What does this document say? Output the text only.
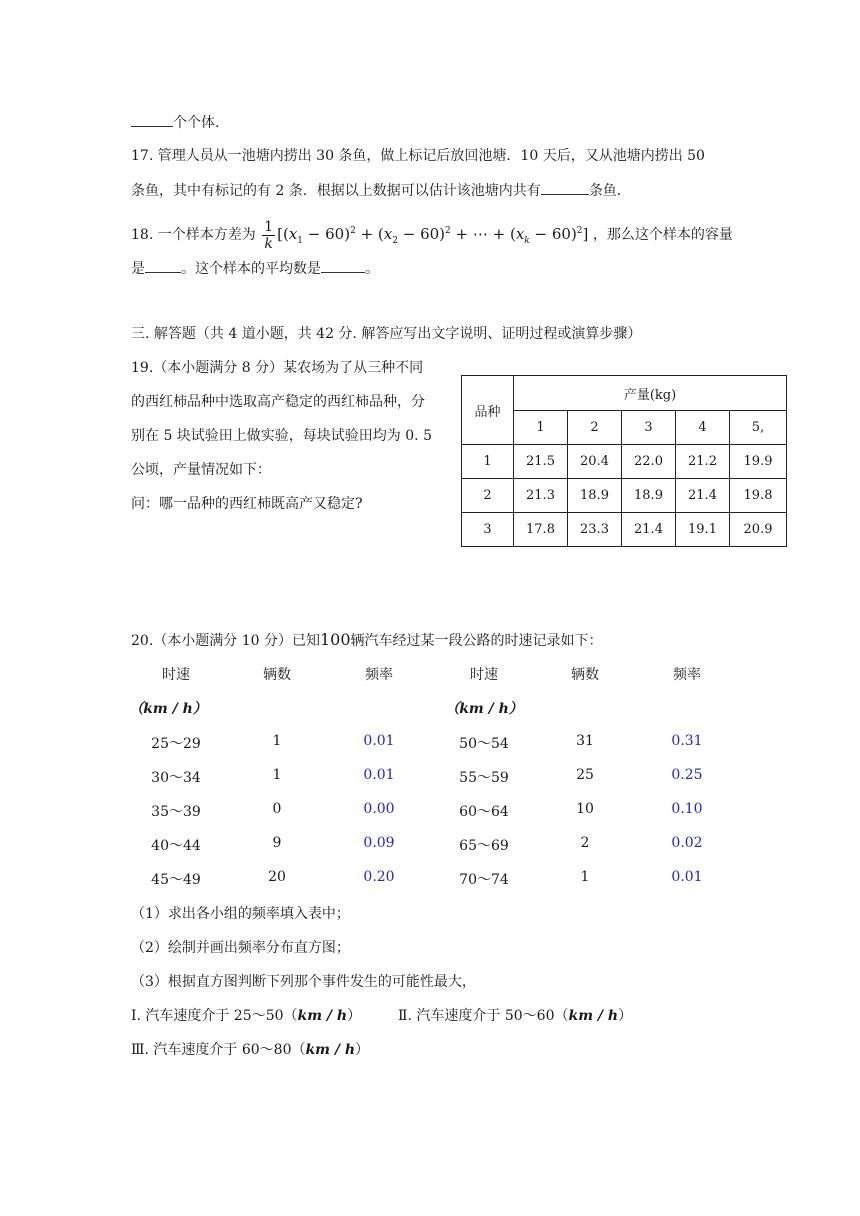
个个体.
17. 管理人员从一池塘内捞出 30 条鱼，做上标记后放回池塘．10 天后，又从池塘内捞出 50
条鱼，其中有标记的有 2 条．根据以上数据可以估计该池塘内共有	条鱼．
18. 一个样本方差为 $\frac{1}{k} [(x_1 - 60)^2 + (x_2 - 60)^2$ + ⋯ + $(x_k - 60)^2$] ，那么这个样本的容量
是	。这个样本的平均数是	。
三. 解答题（共 4 道小题，共 42 分. 解答应写出文字说明、证明过程或演算步骤）
19.（本小题满分 8 分）某农场为了从三种不同
的西红柿品种中选取高产稳定的西红柿品种，分
别在 5 块试验田上做实验，每块试验田均为 0. 5
公顷，产量情况如下：
问：哪一品种的西红柿既高产又稳定?
品种	产量(kg)				
	1	2	3	4	5,
1	21.5	20.4	22.0	21.2	19.9
2	21.3	18.9	18.9	21.4	19.8
3	17.8	23.3	21.4	19.1	20.9
20.（本小题满分 10 分）已知100辆汽车经过某一段公路的时速记录如下：
时速	辆数	频率	时速	辆数	频率
（km / h）	（km / h）
25～29	1	0.01	50～54	31	0.31
30～34	1	0.01	55～59	25	0.25
35～39	0	0.00	60～64	10	0.10
40～44	9	0.09	65～69	2	0.02
45～49	20	0.20	70～74	1	0.01
（1）求出各小组的频率填入表中；
（2）绘制并画出频率分布直方图；
（3）根据直方图判断下列那个事件发生的可能性最大，
Ⅰ. 汽车速度介于 25～50（km / h）	Ⅱ. 汽车速度介于 50～60（km / h）
Ⅲ. 汽车速度介于 60～80（km / h）
